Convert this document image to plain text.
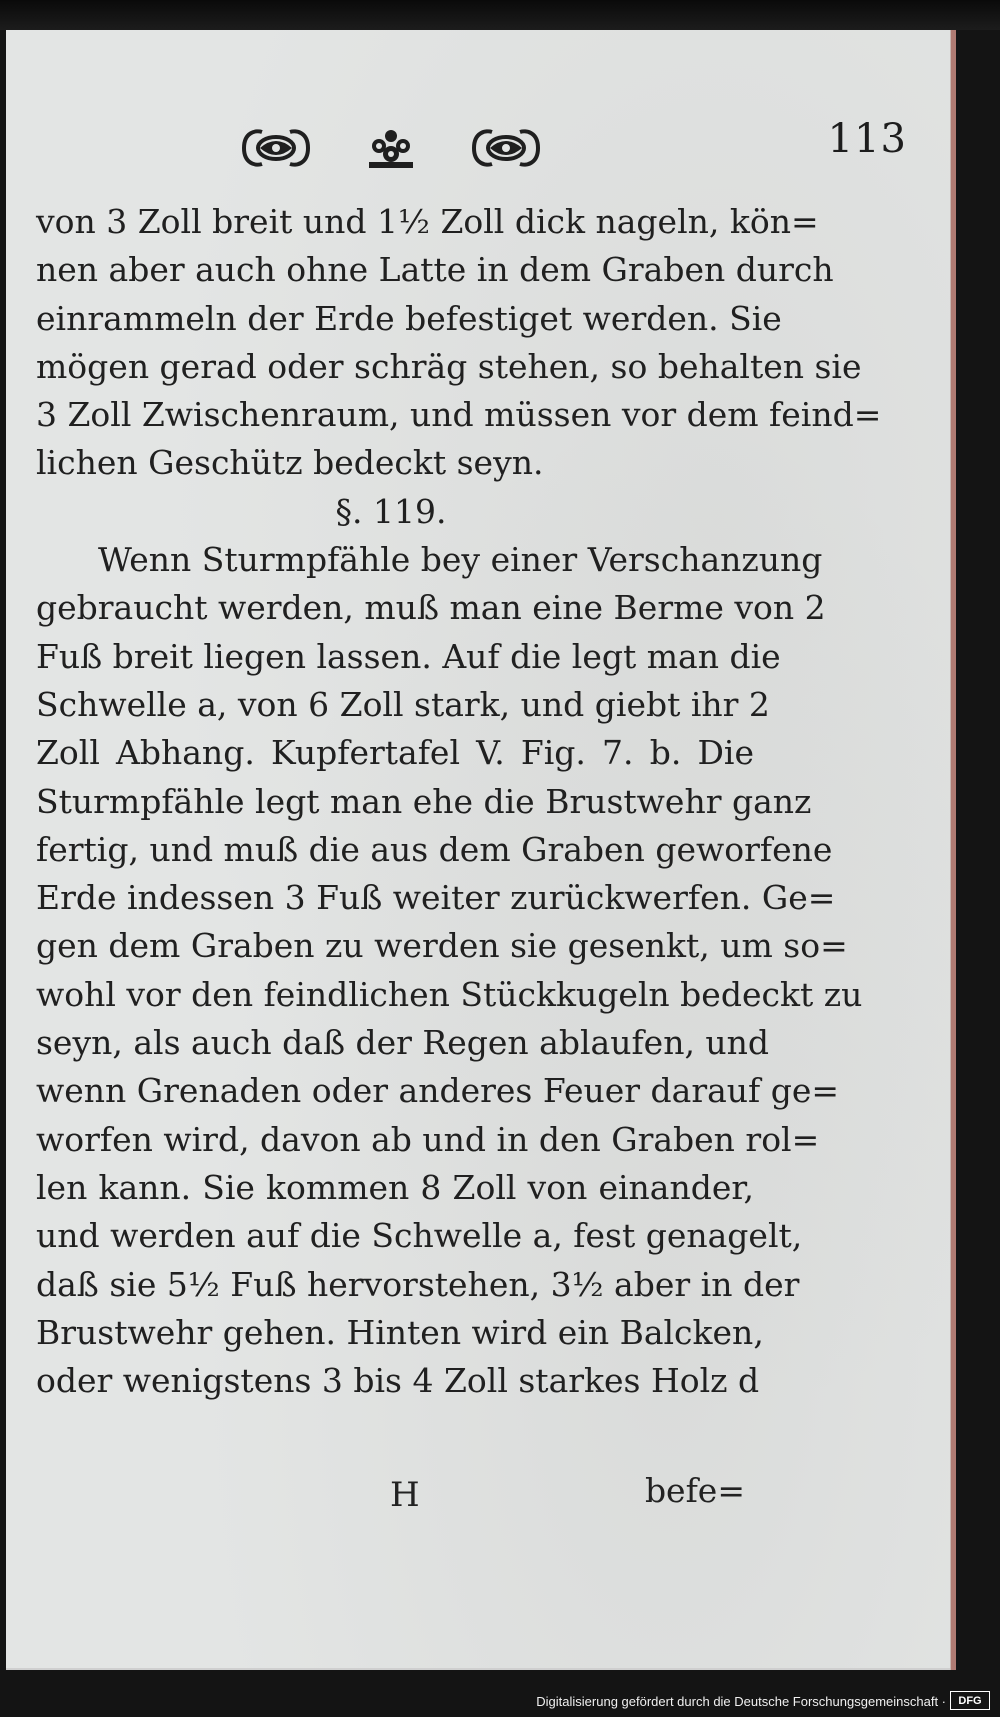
113
von 3 Zoll breit und 1½ Zoll dick nageln, kön=
nen aber auch ohne Latte in dem Graben durch
einrammeln der Erde befestiget werden. Sie
mögen gerad oder schräg stehen, so behalten sie
3 Zoll Zwischenraum, und müssen vor dem feind=
lichen Geschütz bedeckt seyn.
§. 119.
Wenn Sturmpfähle bey einer Verschanzung
gebraucht werden, muß man eine Berme von 2
Fuß breit liegen lassen. Auf die legt man die
Schwelle a, von 6 Zoll stark, und giebt ihr 2
Zoll Abhang. Kupfertafel V. Fig. 7. b. Die
Sturmpfähle legt man ehe die Brustwehr ganz
fertig, und muß die aus dem Graben geworfene
Erde indessen 3 Fuß weiter zurückwerfen. Ge=
gen dem Graben zu werden sie gesenkt, um so=
wohl vor den feindlichen Stückkugeln bedeckt zu
seyn, als auch daß der Regen ablaufen, und
wenn Grenaden oder anderes Feuer darauf ge=
worfen wird, davon ab und in den Graben rol=
len kann. Sie kommen 8 Zoll von einander,
und werden auf die Schwelle a, fest genagelt,
daß sie 5½ Fuß hervorstehen, 3½ aber in der
Brustwehr gehen. Hinten wird ein Balcken,
oder wenigstens 3 bis 4 Zoll starkes Holz d
H	befe=
Digitalisierung gefördert durch die Deutsche Forschungsgemeinschaft ·	DFG
